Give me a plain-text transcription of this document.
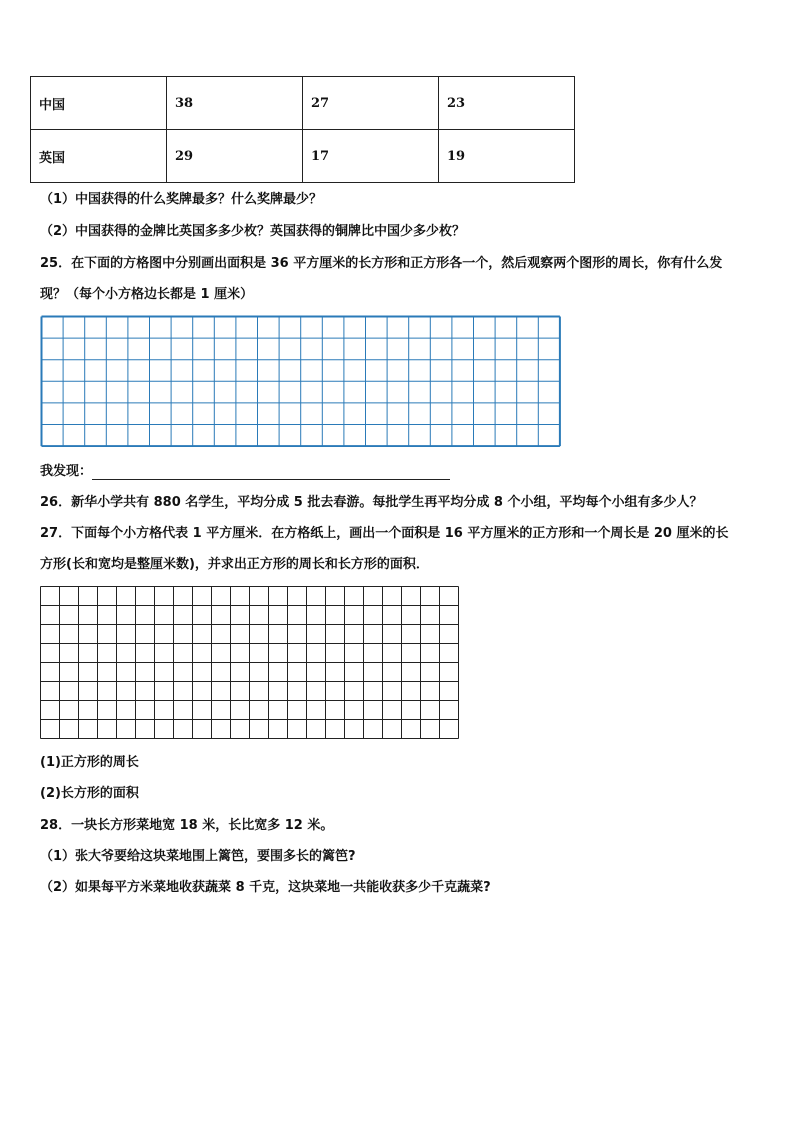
中国	38	27	23
英国	29	17	19
（1）中国获得的什么奖牌最多？什么奖牌最少？
（2）中国获得的金牌比英国多多少枚？英国获得的铜牌比中国少多少枚？
25．在下面的方格图中分别画出面积是 36 平方厘米的长方形和正方形各一个，然后观察两个图形的周长，你有什么发
现？（每个小方格边长都是 1 厘米）
我发现：
26．新华小学共有 880 名学生，平均分成 5 批去春游。每批学生再平均分成 8 个小组，平均每个小组有多少人？
27．下面每个小方格代表 1 平方厘米．在方格纸上，画出一个面积是 16 平方厘米的正方形和一个周长是 20 厘米的长
方形(长和宽均是整厘米数)，并求出正方形的周长和长方形的面积．
(1)正方形的周长
(2)长方形的面积
28．一块长方形菜地宽 18 米，长比宽多 12 米。
（1）张大爷要给这块菜地围上篱笆，要围多长的篱笆?
（2）如果每平方米菜地收获蔬菜 8 千克，这块菜地一共能收获多少千克蔬菜?
